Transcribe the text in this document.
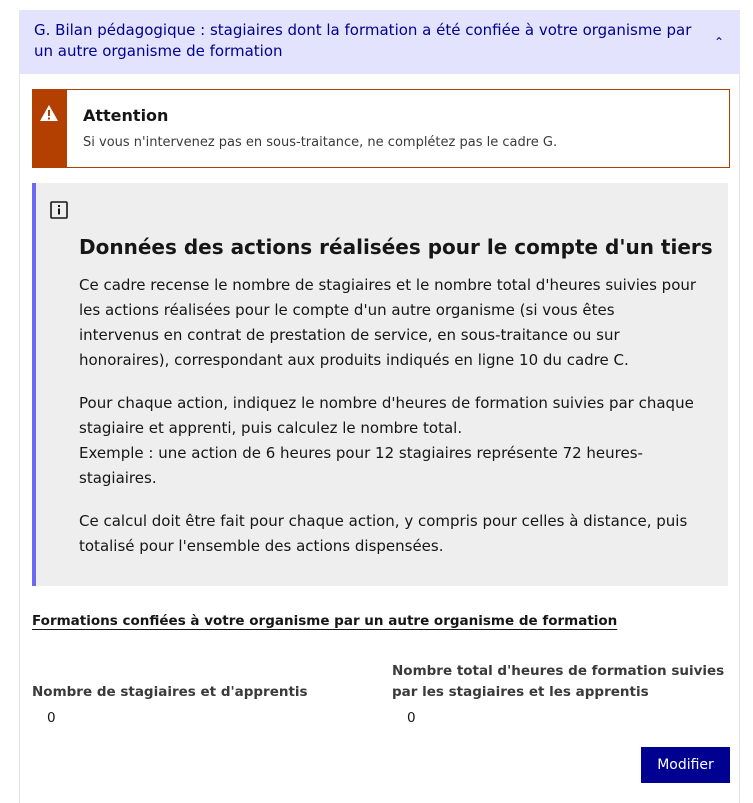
G. Bilan pédagogique : stagiaires dont la formation a été confiée à votre organisme par un autre organisme de formation	⌃
Attention
Si vous n'intervenez pas en sous-traitance, ne complétez pas le cadre G.
Données des actions réalisées pour le compte d'un tiers

Ce cadre recense le nombre de stagiaires et le nombre total d'heures suivies pour les actions réalisées pour le compte d'un autre organisme (si vous êtes intervenus en contrat de prestation de service, en sous-traitance ou sur honoraires), correspondant aux produits indiqués en ligne 10 du cadre C.

Pour chaque action, indiquez le nombre d'heures de formation suivies par chaque stagiaire et apprenti, puis calculez le nombre total.

Exemple : une action de 6 heures pour 12 stagiaires représente 72 heures-stagiaires.

Ce calcul doit être fait pour chaque action, y compris pour celles à distance, puis totalisé pour l'ensemble des actions dispensées.

Formations confiées à votre organisme par un autre organisme de formation
Nombre de stagiaires et d'apprentis
0
Nombre total d'heures de formation suivies par les stagiaires et les apprentis
0
Modifier
